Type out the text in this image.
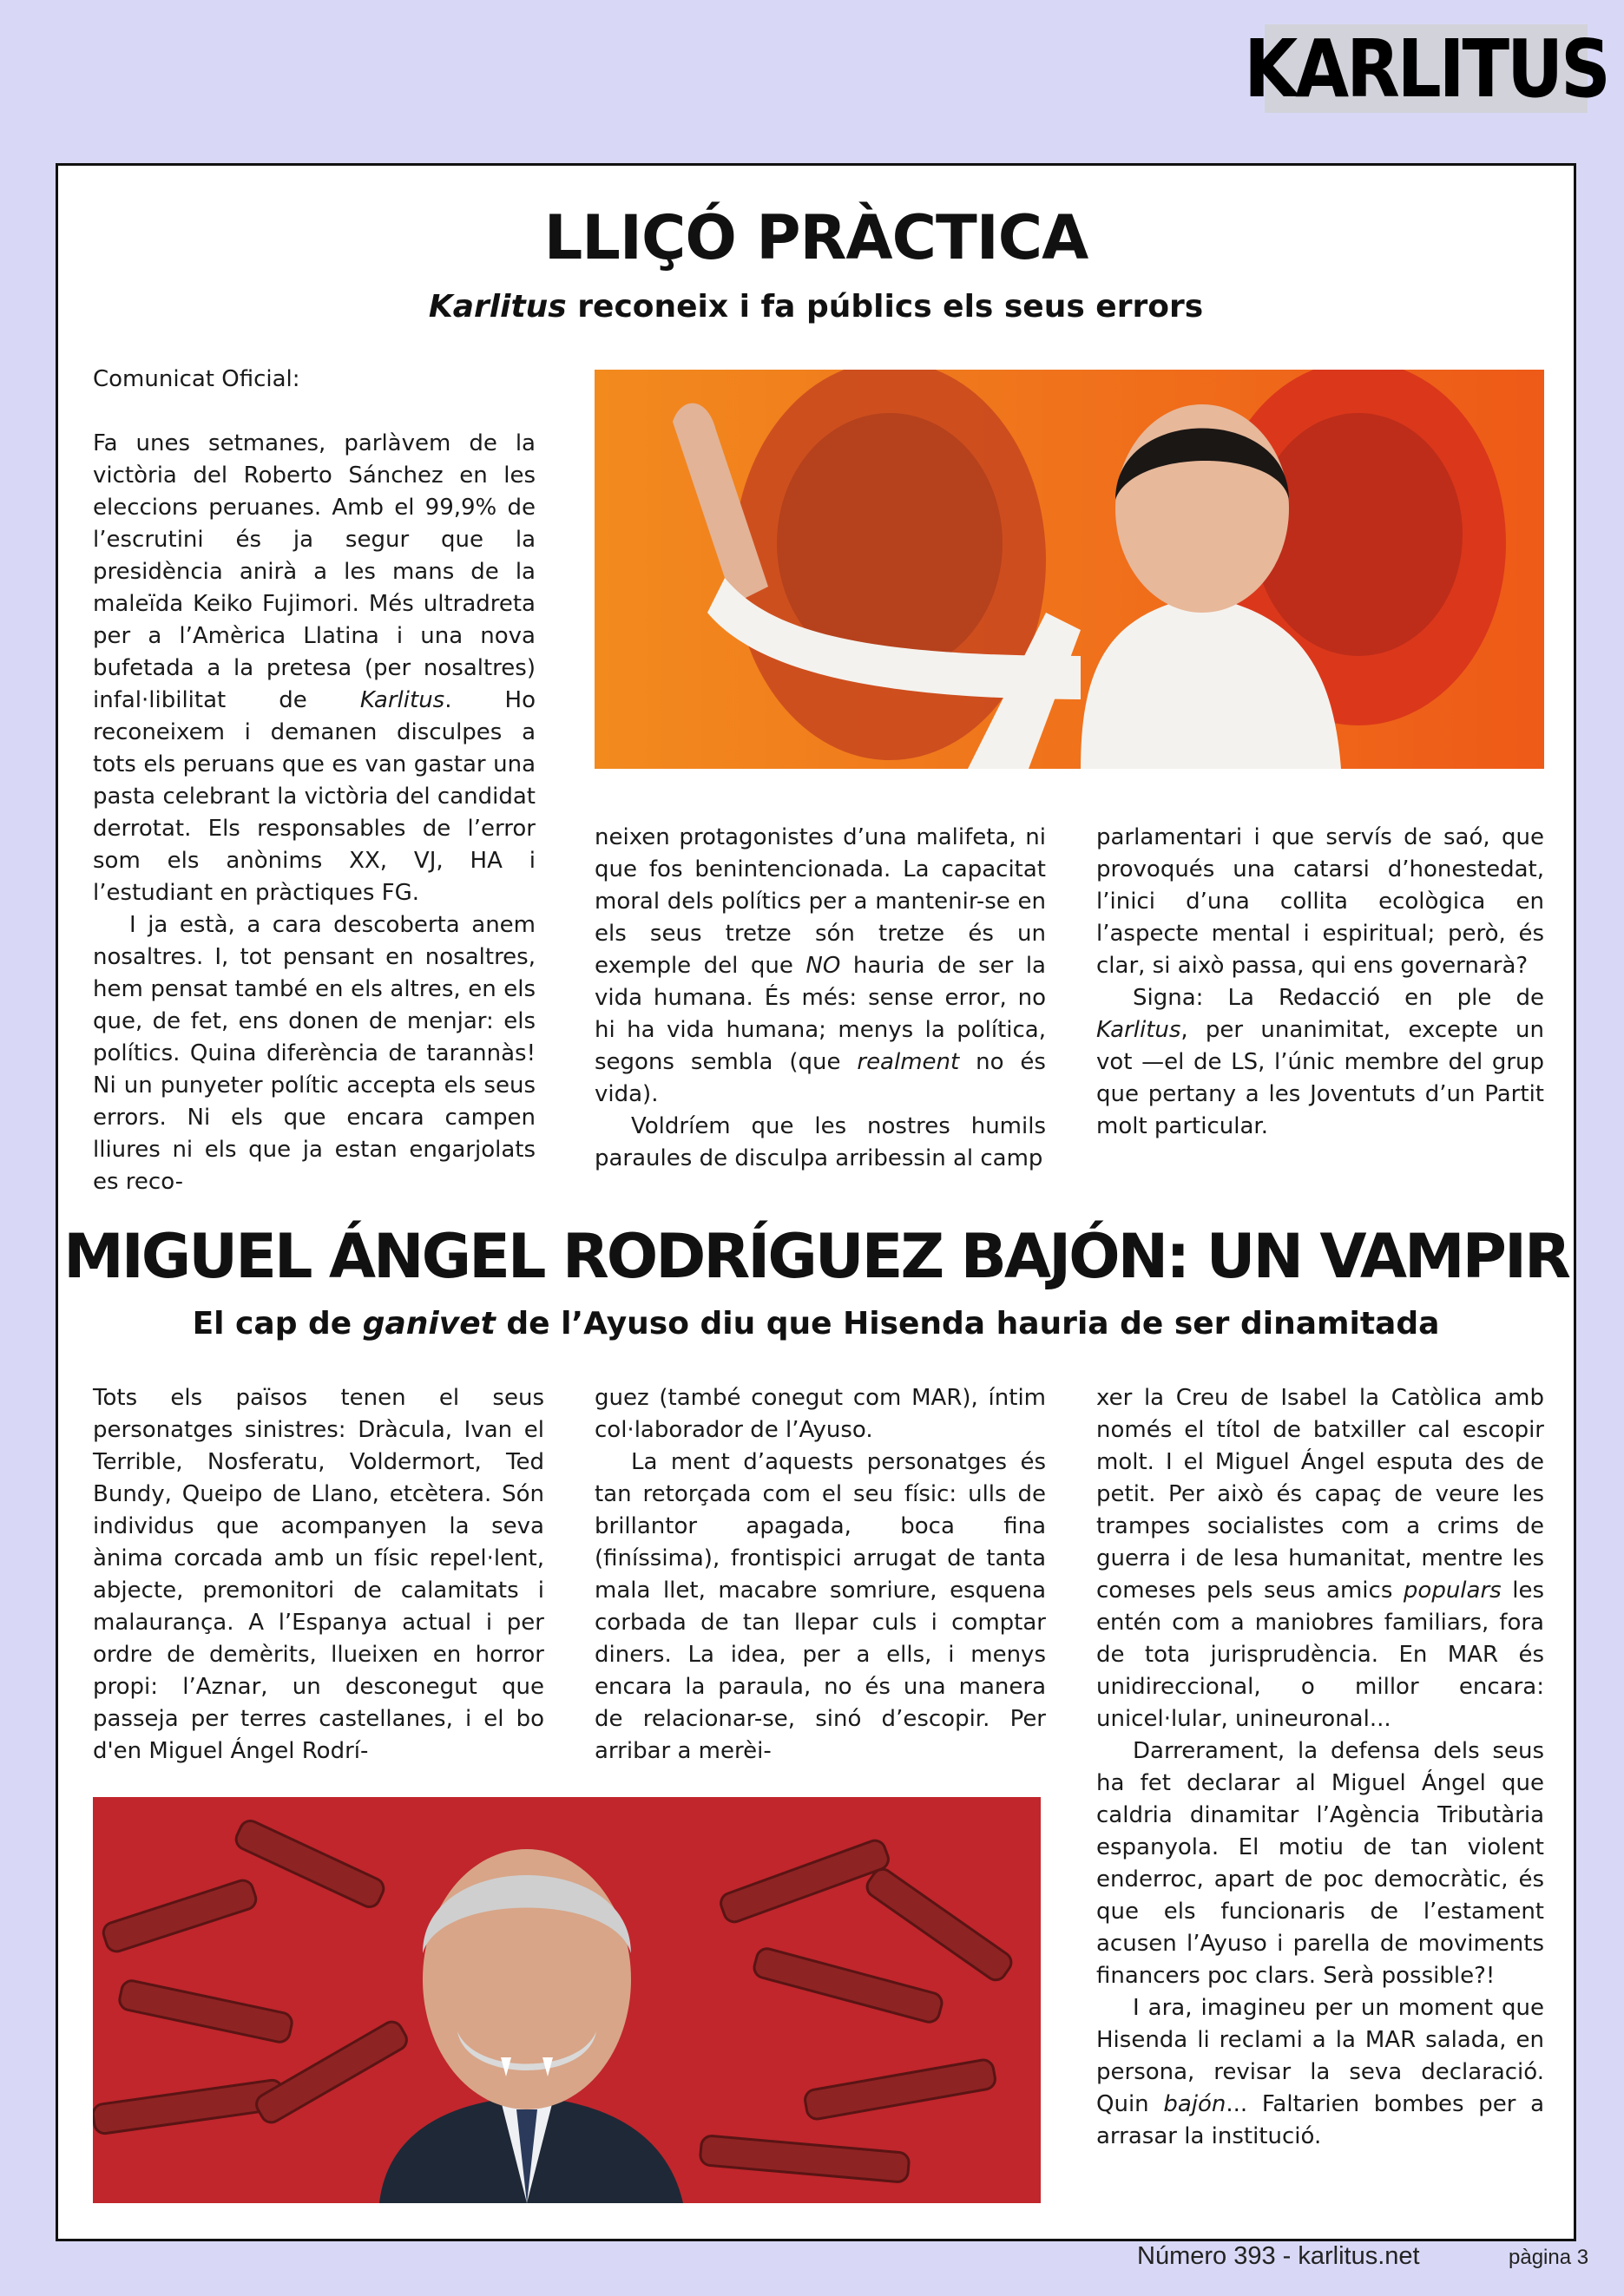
KARLITUS
LLIÇÓ PRÀCTICA
Karlitus reconeix i fa públics els seus errors

Comunicat Oficial:

Fa unes setmanes, parlàvem de la victòria del Roberto Sánchez en les eleccions peruanes. Amb el 99,9% de l’escrutini és ja segur que la presidència anirà a les mans de la maleïda Keiko Fujimori. Més ultradreta per a l’Amèrica Llatina i una nova bufetada a la pretesa (per nosaltres) infal·libilitat de Karlitus. Ho reconeixem i demanen disculpes a tots els peruans que es van gastar una pasta celebrant la victòria del candidat derrotat. Els responsables de l’error som els anònims XX, VJ, HA i l’estudiant en pràctiques FG.

I ja està, a cara descoberta anem nosaltres. I, tot pensant en nosaltres, hem pensat també en els altres, en els que, de fet, ens donen de menjar: els polítics. Quina diferència de tarannàs! Ni un punyeter polític accepta els seus errors. Ni els que encara campen lliures ni els que ja estan engarjolats es reco-

neixen protagonistes d’una malifeta, ni que fos benintencionada. La capacitat moral dels polítics per a mantenir-se en els seus tretze són tretze és un exemple del que NO hauria de ser la vida humana. És més: sense error, no hi ha vida humana; menys la política, segons sembla (que realment no és vida).

Voldríem que les nostres humils paraules de disculpa arribessin al camp

parlamentari i que servís de saó, que provoqués una catarsi d’honestedat, l’inici d’una collita ecològica en l’aspecte mental i espiritual; però, és clar, si això passa, qui ens governarà?

Signa: La Redacció en ple de Karlitus, per unanimitat, excepte un vot —el de LS, l’únic membre del grup que pertany a les Joventuts d’un Partit molt particular.

MIGUEL ÁNGEL RODRÍGUEZ BAJÓN: UN VAMPIR
El cap de ganivet de l’Ayuso diu que Hisenda hauria de ser dinamitada

Tots els països tenen el seus personatges sinistres: Dràcula, Ivan el Terrible, Nosferatu, Voldermort, Ted Bundy, Queipo de Llano, etcètera. Són individus que acompanyen la seva ànima corcada amb un físic repel·lent, abjecte, premonitori de calamitats i malaurança. A l’Espanya actual i per ordre de demèrits, llueixen en horror propi: l’Aznar, un desconegut que passeja per terres castellanes, i el bo d'en Miguel Ángel Rodrí-

guez (també conegut com MAR), íntim col·laborador de l’Ayuso.

La ment d’aquests personatges és tan retorçada com el seu físic: ulls de brillantor apagada, boca fina (finíssima), frontispici arrugat de tanta mala llet, macabre somriure, esquena corbada de tan llepar culs i comptar diners. La idea, per a ells, i menys encara la paraula, no és una manera de relacionar-se, sinó d’escopir. Per arribar a merèi-

xer la Creu de Isabel la Catòlica amb només el títol de batxiller cal escopir molt. I el Miguel Ángel esputa des de petit. Per això és capaç de veure les trampes socialistes com a crims de guerra i de lesa humanitat, mentre les comeses pels seus amics populars les entén com a maniobres familiars, fora de tota jurisprudència. En MAR és unidireccional, o millor encara: unicel·lular, unineuronal...

Darrerament, la defensa dels seus ha fet declarar al Miguel Ángel que caldria dinamitar l’Agència Tributària espanyola. El motiu de tan violent enderroc, apart de poc democràtic, és que els funcionaris de l’estament acusen l’Ayuso i parella de moviments financers poc clars. Serà possible?!

I ara, imagineu per un moment que Hisenda li reclami a la MAR salada, en persona, revisar la seva declaració. Quin bajón... Faltarien bombes per a arrasar la institució.

Número 393 - karlitus.net	pàgina 3
